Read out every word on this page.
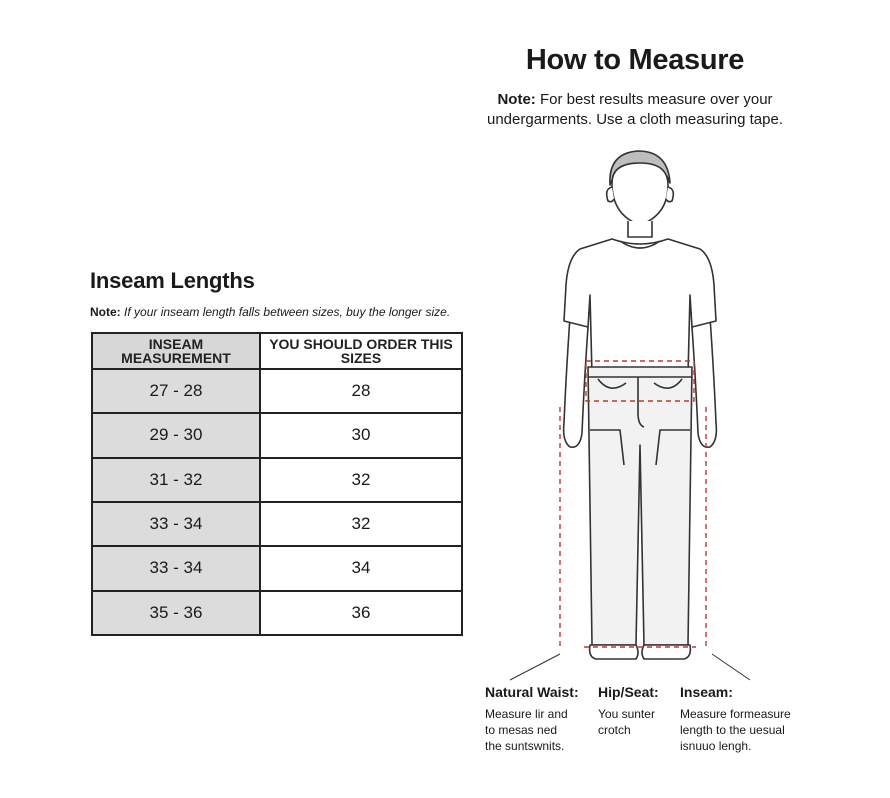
How to Measure
Note: For best results measure over your undergarments. Use a cloth measuring tape.
Inseam Lengths
Note: If your inseam length falls between sizes, buy the longer size.
INSEAM MEASUREMENT	YOU SHOULD ORDER THIS SIZES
27 - 28	28
29 - 30	30
31 - 32	32
33 - 34	32
33 - 34	34
35 - 36	36
Natural Waist:
Measure lir and
to mesas ned
the suntswnits.
Hip/Seat:
You sunter
crotch
Inseam:
Measure formeasure
length to the uesual
isnuuo lengh.
